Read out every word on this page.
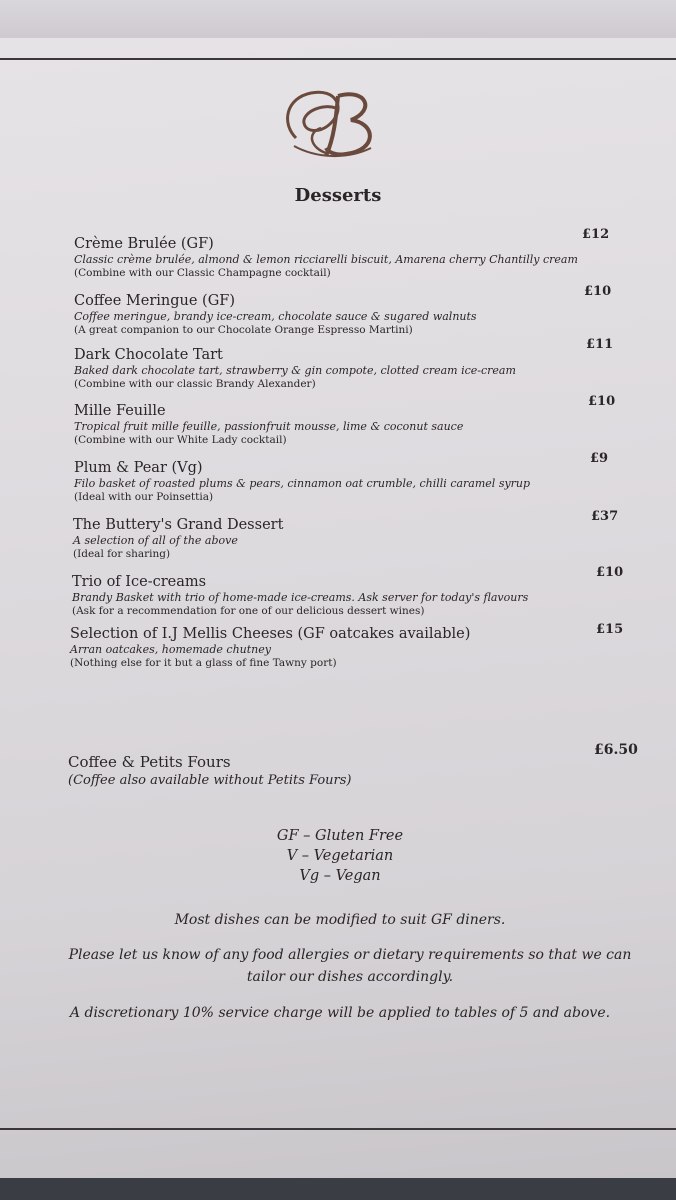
Desserts
Crème Brulée (GF)
Classic crème brulée, almond & lemon ricciarelli biscuit, Amarena cherry Chantilly cream
(Combine with our Classic Champagne cocktail)
£12
Coffee Meringue (GF)
Coffee meringue, brandy ice-cream, chocolate sauce & sugared walnuts
(A great companion to our Chocolate Orange Espresso Martini)
£10
Dark Chocolate Tart
Baked dark chocolate tart, strawberry & gin compote, clotted cream ice-cream
(Combine with our classic Brandy Alexander)
£11
Mille Feuille
Tropical fruit mille feuille, passionfruit mousse, lime & coconut sauce
(Combine with our White Lady cocktail)
£10
Plum & Pear (Vg)
Filo basket of roasted plums & pears, cinnamon oat crumble, chilli caramel syrup
(Ideal with our Poinsettia)
£9
The Buttery's Grand Dessert
A selection of all of the above
(Ideal for sharing)
£37
Trio of Ice-creams
Brandy Basket with trio of home-made ice-creams. Ask server for today's flavours
(Ask for a recommendation for one of our delicious dessert wines)
£10
Selection of I.J Mellis Cheeses (GF oatcakes available)
Arran oatcakes, homemade chutney
(Nothing else for it but a glass of fine Tawny port)
£15
Coffee & Petits Fours
(Coffee also available without Petits Fours)
£6.50
GF – Gluten Free
V – Vegetarian
Vg – Vegan
Most dishes can be modified to suit GF diners.
Please let us know of any food allergies or dietary requirements so that we can tailor our dishes accordingly.
A discretionary 10% service charge will be applied to tables of 5 and above.
